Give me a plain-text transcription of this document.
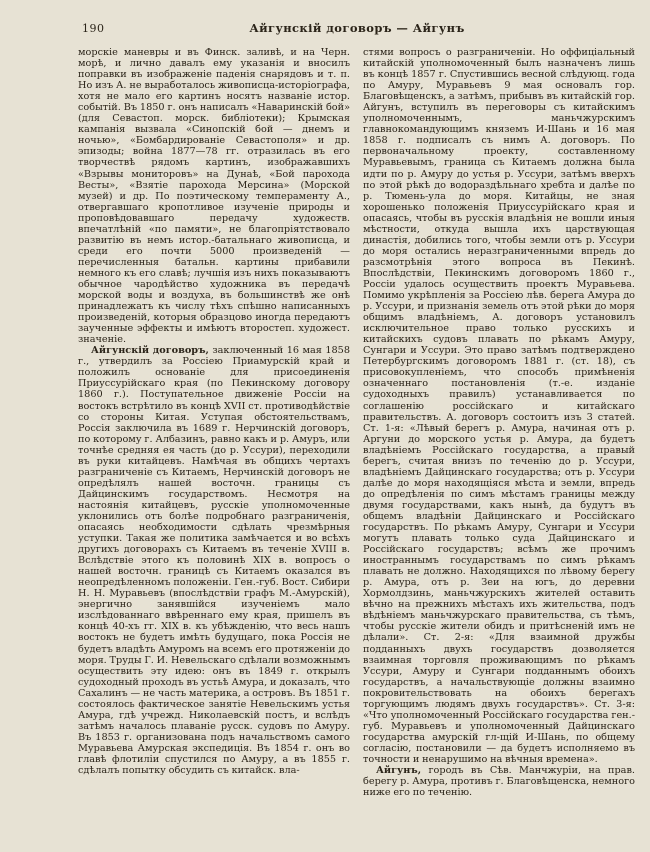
190	Айгунскій договоръ — Айгунъ

морскіе маневры и въ Финск. заливѣ, и на Черн. морѣ, и лично давалъ ему указанія и вносилъ поправки въ изображеніе паденія снарядовъ и т. п. Но изъ А. не выработалось живописца-исторіографа, хотя не мало его картинъ носятъ названіе истор. событій. Въ 1850 г. онъ написалъ «Наваринскій бой» (для Севастоп. морск. библіотеки); Крымская кампанія вызвала «Синопскій бой — днемъ и ночью», «Бомбардированіе Севастополя» и др. эпизоды; война 1877—78 гг. отразилась въ его творчествѣ рядомъ картинъ, изображавшихъ «Взрывы мониторовъ» на Дунаѣ, «Бой парохода Весты», «Взятіе парохода Мерсина» (Морской музей) и др. По поэтическому темпераменту А., отвергавшаго кропотливое изученіе природы и проповѣдовавшаго передачу художеств. впечатлѣній «по памяти», не благопріятствовало развитію въ немъ истор.-батальнаго живописца, и среди его почти 5000 произведеній — перечисленныя батальн. картины прибавили немного къ его славѣ; лучшія изъ нихъ показываютъ обычное чародѣйство художника въ передачѣ морской воды и воздуха, въ большинствѣ же онѣ принадлежатъ къ числу тѣхъ спѣшно написанныхъ произведеній, которыя образцово иногда передаютъ заученные эффекты и имѣютъ второстеп. художест. значеніе.

Айгунскій договоръ, заключенный 16 мая 1858 г., утвердилъ за Россіею Приамурскій край и положилъ основаніе для присоединенія Приуссурійскаго края (по Пекинскому договору 1860 г.). Поступательное движеніе Россіи на востокъ встрѣтило въ концѣ XVII ст. противодѣйствіе со стороны Китая. Уступая обстоятельствамъ, Россія заключила въ 1689 г. Нерчинскій договоръ, по которому г. Албазинъ, равно какъ и р. Амуръ, или точнѣе средняя ея часть (до р. Уссури), переходили въ руки китайцевъ. Намѣчая въ общихъ чертахъ разграниченіе съ Китаемъ, Нерчинскій договоръ не опредѣлялъ нашей восточн. границы съ Дайцинскимъ государствомъ. Несмотря на настоянія китайцевъ, русскіе уполномоченные уклонились отъ болѣе подробнаго разграниченія, опасаясь необходимости сдѣлать чрезмѣрныя уступки. Такая же политика замѣчается и во всѣхъ другихъ договорахъ съ Китаемъ въ теченіе XVIII в. Вслѣдствіе этого къ половинѣ XIX в. вопросъ о нашей восточн. границѣ съ Китаемъ оказался въ неопредѣленномъ положеніи. Ген.-губ. Вост. Сибири Н. Н. Муравьевъ (впослѣдствіи графъ М.-Амурскій), энергично занявшійся изученіемъ мало изслѣдованнаго ввѣреннаго ему края, пришелъ въ концѣ 40-хъ гг. XIX в. къ убѣжденію, что весь нашъ востокъ не будетъ имѣть будущаго, пока Россія не будетъ владѣть Амуромъ на всемъ его протяженіи до моря. Труды Г. И. Невельскаго сдѣлали возможнымъ осуществить эту идею: онъ въ 1849 г. открылъ судоходный проходъ въ устьѣ Амура, и доказалъ, что Сахалинъ — не часть материка, а островъ. Въ 1851 г. состоялось фактическое занятіе Невельскимъ устья Амура, гдѣ учрежд. Николаевскій постъ, и вслѣдъ затѣмъ началось плаваніе русск. судовъ по Амуру. Въ 1853 г. организована подъ начальствомъ самого Муравьева Амурская экспедиція. Въ 1854 г. онъ во главѣ флотиліи спустился по Амуру, а въ 1855 г. сдѣлалъ попытку обсудить съ китайск. вла-

стями вопросъ о разграниченіи. Но оффиціальный китайскій уполномоченный былъ назначенъ лишь въ концѣ 1857 г. Спустившись весной слѣдующ. года по Амуру, Муравьевъ 9 мая основалъ гор. Благовѣщенскъ, а затѣмъ, прибывъ въ китайскій гор. Айгунъ, вступилъ въ переговоры съ китайскимъ уполномоченнымъ, маньчжурскимъ главнокомандующимъ княземъ И-Шань и 16 мая 1858 г. подписалъ съ нимъ А. договоръ. По первоначальному проекту, составленному Муравьевымъ, граница съ Китаемъ должна была идти по р. Амуру до устья р. Уссури, затѣмъ вверхъ по этой рѣкѣ до водораздѣльнаго хребта и далѣе по р. Тюмень-ула до моря. Китайцы, не зная хорошенько положенія Приуссурійскаго края и опасаясь, чтобы въ русскія владѣнія не вошли иныя мѣстности, откуда вышла ихъ царствующая династія, добились того, чтобы земли отъ р. Уссури до моря остались неразграниченными впредь до разсмотрѣнія этого вопроса въ Пекинѣ. Впослѣдствіи, Пекинскимъ договоромъ 1860 г., Россіи удалось осуществить проектъ Муравьева. Помимо укрѣпленія за Россіею лѣв. берега Амура до р. Уссури, и признанія земель отъ этой рѣки до моря общимъ владѣніемъ, А. договоръ установилъ исключительное право только русскихъ и китайскихъ судовъ плавать по рѣкамъ Амуру, Сунгари и Уссури. Это право затѣмъ подтверждено Петербургскимъ договоромъ 1881 г. (ст. 18), съ присовокупленіемъ, что способъ примѣненія означеннаго постановленія (т.-е. изданіе судоходныхъ правилъ) устанавливается по соглашенію россійскаго и китайскаго правительствъ. А. договоръ состоитъ изъ 3 статей. Ст. 1-я: «Лѣвый берегъ р. Амура, начиная отъ р. Аргуни до морского устья р. Амура, да будетъ владѣніемъ Россійскаго государства, а правый берегъ, считая внизъ по теченію до р. Уссури, владѣніемъ Дайцинскаго государства; отъ р. Уссури далѣе до моря находящіяся мѣста и земли, впредь до опредѣленія по симъ мѣстамъ границы между двумя государствами, какъ нынѣ, да будутъ въ общемъ владѣніи Дайцинскаго и Россійскаго государствъ. По рѣкамъ Амуру, Сунгари и Уссури могутъ плавать только суда Дайцинскаго и Россійскаго государствъ; всѣмъ же прочимъ иностраннымъ государствамъ по симъ рѣкамъ плавать не должно. Находящихся по лѣвому берегу р. Амура, отъ р. Зеи на югъ, до деревни Хормолдзинь, маньчжурскихъ жителей оставить вѣчно на прежнихъ мѣстахъ ихъ жительства, подъ вѣдѣніемъ маньчжурскаго правительства, съ тѣмъ, чтобы русскіе жители обидъ и притѣсненій имъ не дѣлали». Ст. 2-я: «Для взаимной дружбы подданныхъ двухъ государствъ дозволяется взаимная торговля проживающимъ по рѣкамъ Уссури, Амуру и Сунгари подданнымъ обоихъ государствъ, а начальствующіе должны взаимно покровительствовать на обоихъ берегахъ торгующимъ людямъ двухъ государствъ». Ст. 3-я: «Что уполномоченный Россійскаго государства ген.-губ. Муравьевъ и уполномоченный Дайцинскаго государства амурскій гл-щій И-Шань, по общему согласію, постановили — да будетъ исполняемо въ точности и ненарушимо на вѣчныя времена».

Айгунъ, городъ въ Сѣв. Манчжуріи, на прав. берегу р. Амура, противъ г. Благовѣщенска, немного ниже его по теченію.
